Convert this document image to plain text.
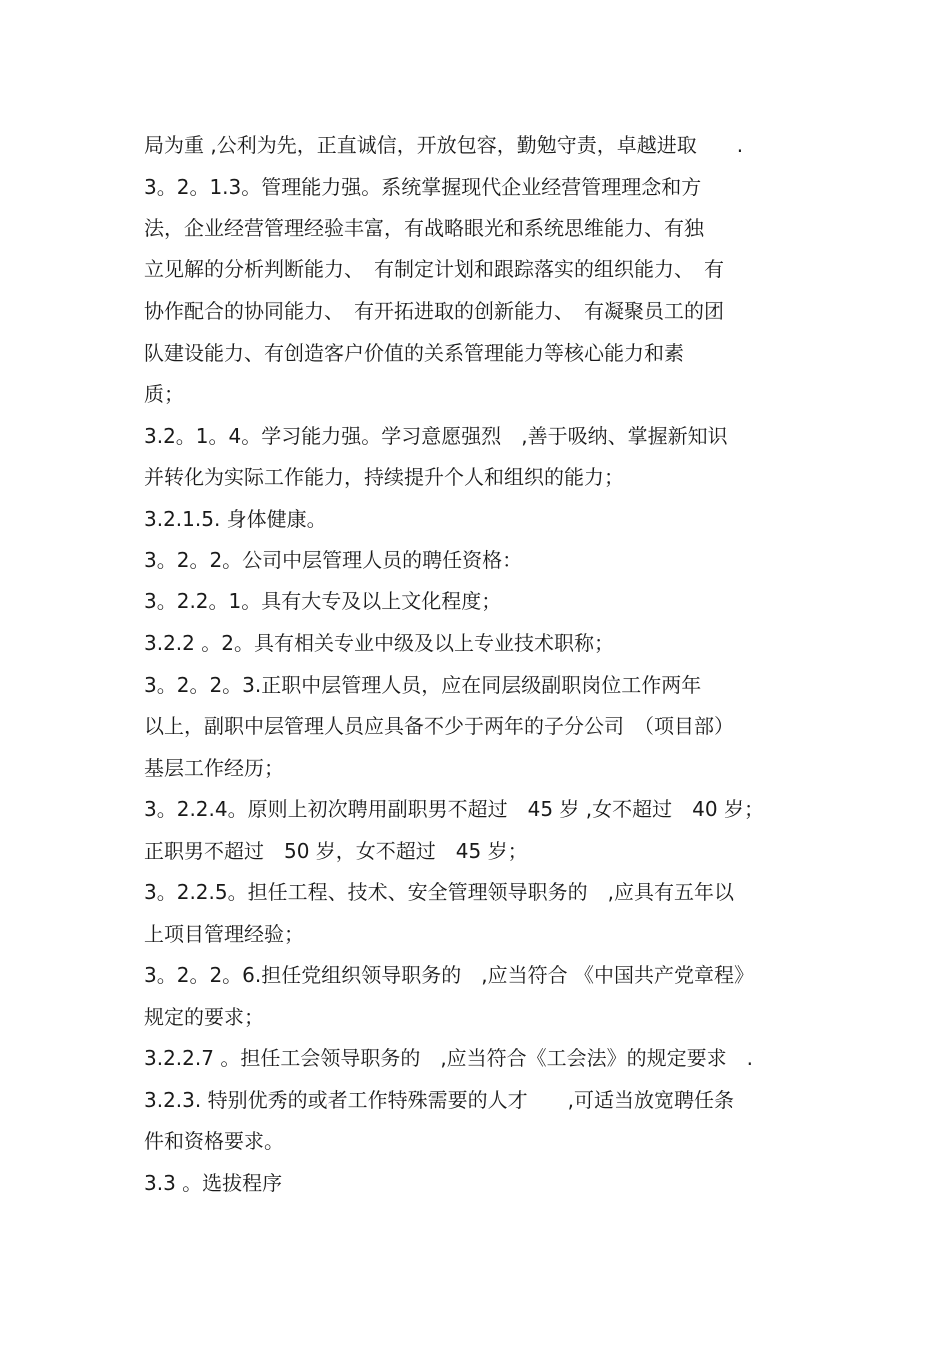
局为重 ,公利为先，正直诚信，开放包容，勤勉守责，卓越进取　　.
3。2。1.3。管理能力强。系统掌握现代企业经营管理理念和方
法，企业经营管理经验丰富，有战略眼光和系统思维能力、有独
立见解的分析判断能力、　有制定计划和跟踪落实的组织能力、　有
协作配合的协同能力、　有开拓进取的创新能力、　有凝聚员工的团
队建设能力、有创造客户价值的关系管理能力等核心能力和素
质；
3.2。1。4。学习能力强。学习意愿强烈　,善于吸纳、掌握新知识
并转化为实际工作能力，持续提升个人和组织的能力；
3.2.1.5. 身体健康。
3。2。2。公司中层管理人员的聘任资格：
3。2.2。1。具有大专及以上文化程度；
3.2.2 。2。具有相关专业中级及以上专业技术职称；
3。2。2。3.正职中层管理人员，应在同层级副职岗位工作两年
以上，副职中层管理人员应具备不少于两年的子分公司　（项目部）
基层工作经历；
3。2.2.4。原则上初次聘用副职男不超过　45 岁 ,女不超过　40 岁；
正职男不超过　50 岁，女不超过　45 岁；
3。2.2.5。担任工程、技术、安全管理领导职务的　,应具有五年以
上项目管理经验；
3。2。2。6.担任党组织领导职务的　,应当符合 《中国共产党章程》
规定的要求；
3.2.2.7 。担任工会领导职务的　,应当符合《工会法》的规定要求　.
3.2.3. 特别优秀的或者工作特殊需要的人才　　,可适当放宽聘任条
件和资格要求。
3.3 。选拔程序
